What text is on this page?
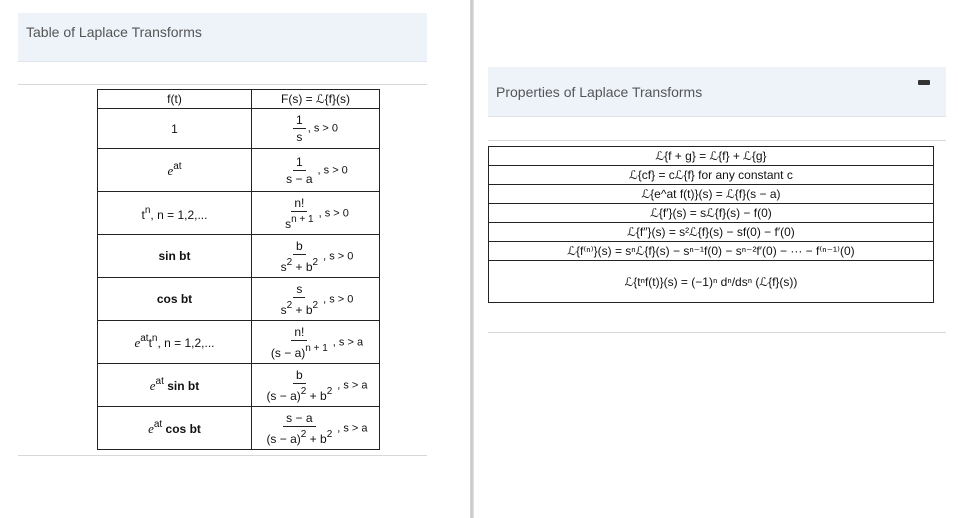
Table of Laplace Transforms
f(t)	F(s) = ℒ{f}(s)
1	$\frac{1}{s}$ , s > 0
$e^{at}$	$\frac{1}{s - a}$ , s > 0
$t^n$, n = 1,2,...	$\frac{n!}{s^{n + 1}}$ , s > 0
sin bt	$\frac{b}{s^2 + b^2}$ , s > 0
cos bt	$\frac{s}{s^2 + b^2}$ , s > 0
$e^{at}t^n$, n = 1,2,...	$\frac{n!}{(s - a)^{n + 1}}$ , s > a
$e^{at}$ sin bt	$\frac{b}{(s - a)^2 + b^2}$ , s > a
$e^{at}$ cos bt	$\frac{s - a}{(s - a)^2 + b^2}$ , s > a
Properties of Laplace Transforms
ℒ{f + g} = ℒ{f} + ℒ{g}
ℒ{cf} = cℒ{f} for any constant c
ℒ{e^at f(t)}(s) = ℒ{f}(s − a)
ℒ{f′}(s) = sℒ{f}(s) − f(0)
ℒ{f″}(s) = s²ℒ{f}(s) − sf(0) − f′(0)
ℒ{f⁽ⁿ⁾}(s) = sⁿℒ{f}(s) − sⁿ⁻¹f(0) − sⁿ⁻²f′(0) − ··· − f⁽ⁿ⁻¹⁾(0)
ℒ{tⁿf(t)}(s) = (−1)ⁿ dⁿ/dsⁿ (ℒ{f}(s))
